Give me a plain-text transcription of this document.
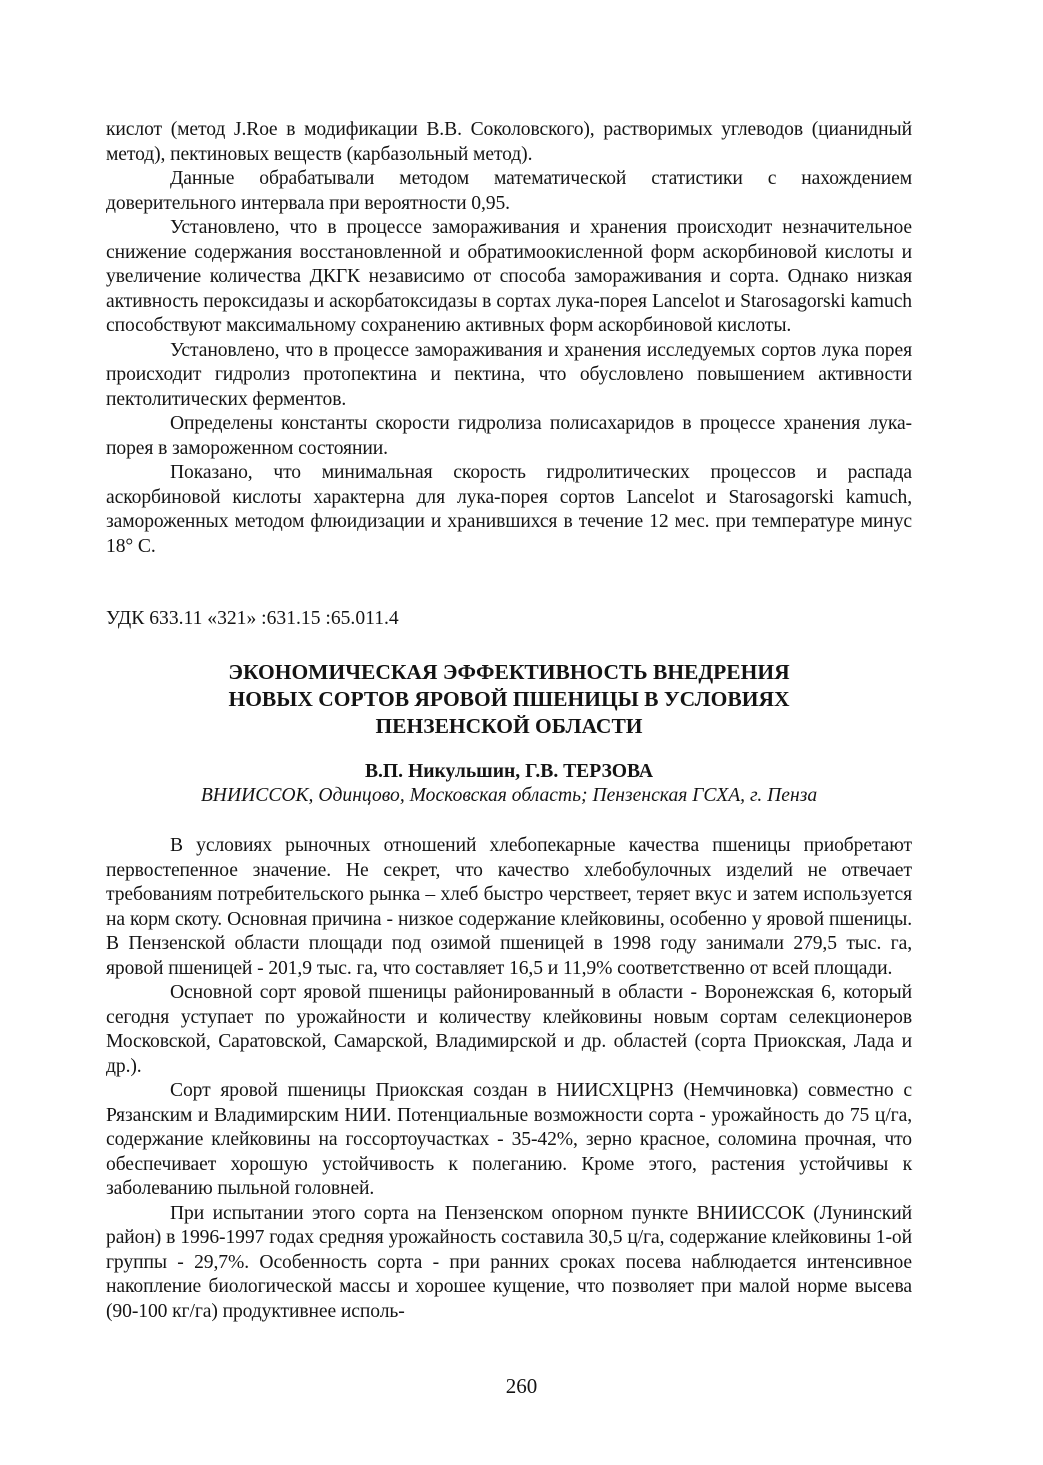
кислот (метод J.Roe в модификации В.В. Соколовского), растворимых углеводов (цианидный метод), пектиновых веществ (карбазольный метод).

Данные обрабатывали методом математической статистики с нахождением доверительного интервала при вероятности 0,95.

Установлено, что в процессе замораживания и хранения происходит незначительное снижение содержания восстановленной и обратимоокисленной форм аскорбиновой кислоты и увеличение количества ДКГК независимо от способа замораживания и сорта. Однако низкая активность пероксидазы и аскорбатоксидазы в сортах лука-порея Lancelot и Starosagorski kamuch способствуют максимальному сохранению активных форм аскорбиновой кислоты.

Установлено, что в процессе замораживания и хранения исследуемых сортов лука порея происходит гидролиз протопектина и пектина, что обусловлено повышением активности пектолитических ферментов.

Определены константы скорости гидролиза полисахаридов в процессе хранения лука-порея в замороженном состоянии.

Показано, что минимальная скорость гидролитических процессов и распада аскорбиновой кислоты характерна для лука-порея сортов Lancelot и Starosagorski kamuch, замороженных методом флюидизации и хранившихся в течение 12 мес. при температуре минус 18° С.

УДК 633.11 «321» :631.15 :65.011.4
ЭКОНОМИЧЕСКАЯ ЭФФЕКТИВНОСТЬ ВНЕДРЕНИЯ
НОВЫХ СОРТОВ ЯРОВОЙ ПШЕНИЦЫ В УСЛОВИЯХ
ПЕНЗЕНСКОЙ ОБЛАСТИ
В.П. Никульшин, Г.В. ТЕРЗОВА
ВНИИССОК, Одинцово, Московская область; Пензенская ГСХА, г. Пенза

В условиях рыночных отношений хлебопекарные качества пшеницы приобретают первостепенное значение. Не секрет, что качество хлебобулочных изделий не отвечает требованиям потребительского рынка – хлеб быстро черствеет, теряет вкус и затем используется на корм скоту. Основная причина - низкое содержание клейковины, особенно у яровой пшеницы. В Пензенской области площади под озимой пшеницей в 1998 году занимали 279,5 тыс. га, яровой пшеницей - 201,9 тыс. га, что составляет 16,5 и 11,9% соответственно от всей площади.

Основной сорт яровой пшеницы районированный в области - Воронежская 6, который сегодня уступает по урожайности и количеству клейковины новым сортам селекционеров Московской, Саратовской, Самарской, Владимирской и др. областей (сорта Приокская, Лада и др.).

Сорт яровой пшеницы Приокская создан в НИИСХЦРНЗ (Немчиновка) совместно с Рязанским и Владимирским НИИ. Потенциальные возможности сорта - урожайность до 75 ц/га, содержание клейковины на госсортоучастках - 35-42%, зерно красное, соломина прочная, что обеспечивает хорошую устойчивость к полеганию. Кроме этого, растения устойчивы к заболеванию пыльной головней.

При испытании этого сорта на Пензенском опорном пункте ВНИИССОК (Лунинский район) в 1996-1997 годах средняя урожайность составила 30,5 ц/га, содержание клейковины 1-ой группы - 29,7%. Особенность сорта - при ранних сроках посева наблюдается интенсивное накопление биологической массы и хорошее кущение, что позволяет при малой норме высева (90-100 кг/га) продуктивнее исполь-

260
